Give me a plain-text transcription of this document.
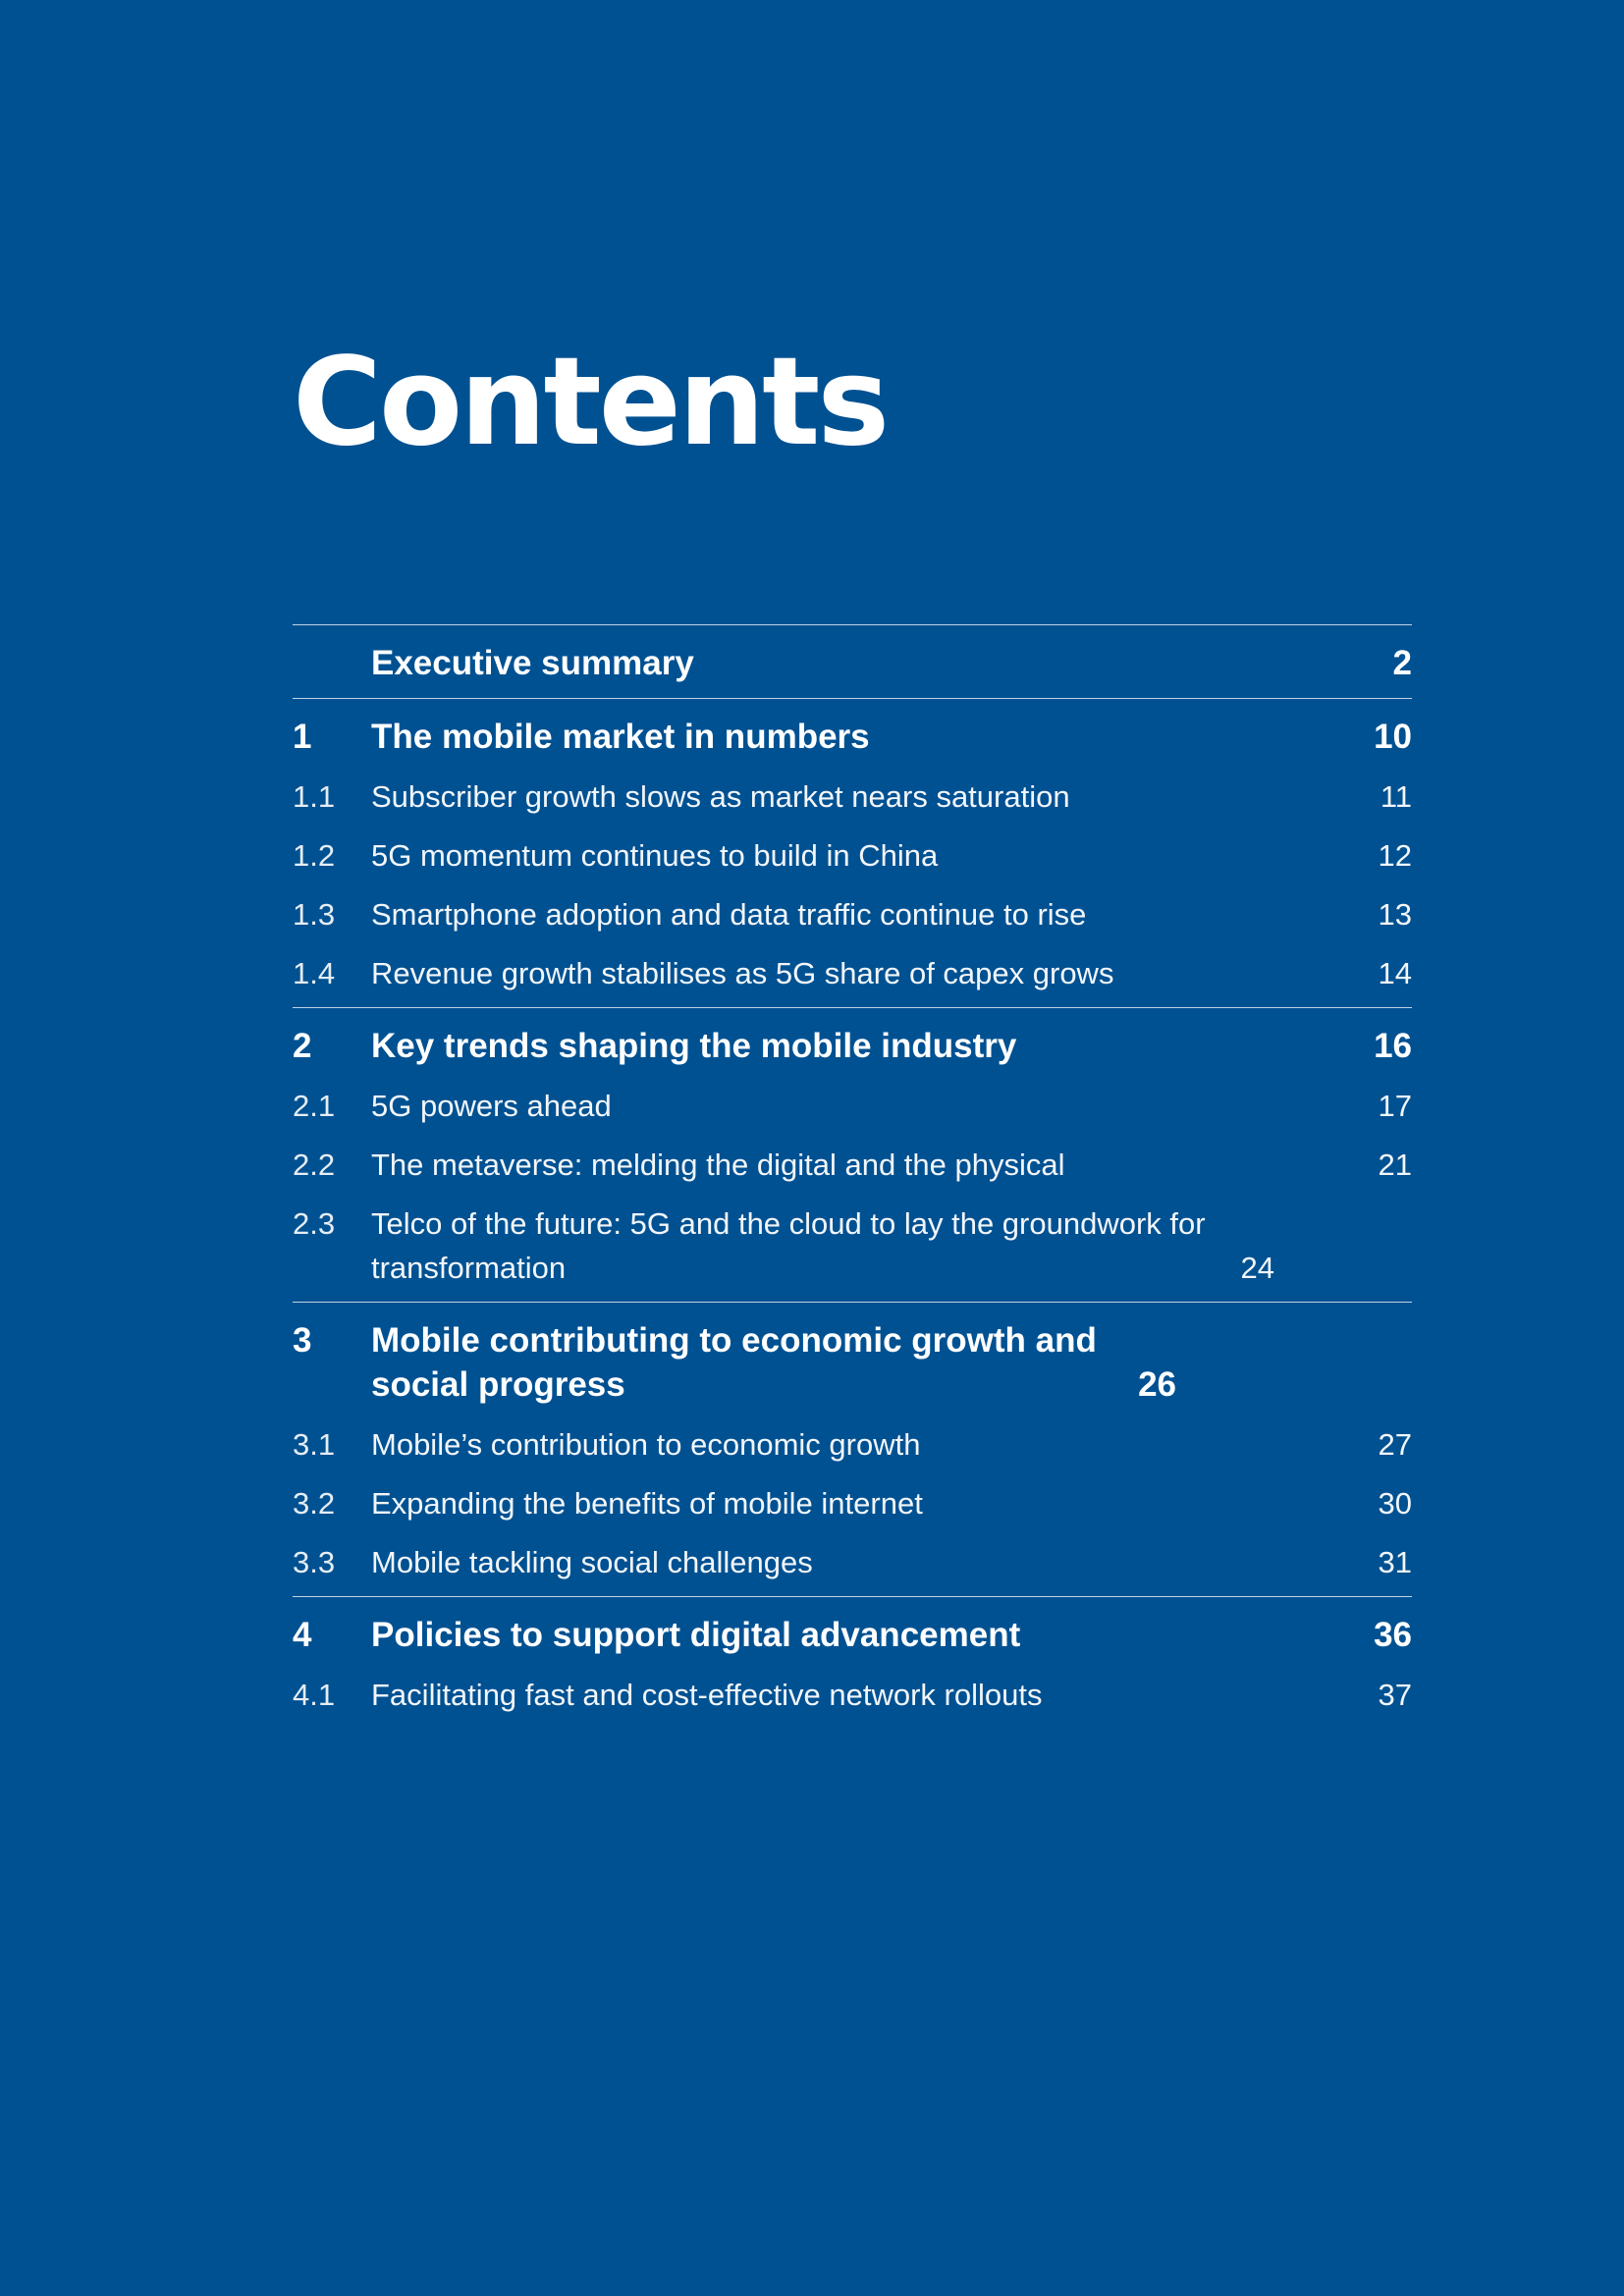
Contents
Executive summary	2
1	The mobile market in numbers	10
1.1	Subscriber growth slows as market nears saturation	11
1.2	5G momentum continues to build in China	12
1.3	Smartphone adoption and data traffic continue to rise	13
1.4	Revenue growth stabilises as 5G share of capex grows	14
2	Key trends shaping the mobile industry	16
2.1	5G powers ahead	17
2.2	The metaverse: melding the digital and the physical	21
2.3	Telco of the future: 5G and the cloud to lay the groundwork for transformation	24
3	Mobile contributing to economic growth and social progress	26
3.1	Mobile’s contribution to economic growth	27
3.2	Expanding the benefits of mobile internet	30
3.3	Mobile tackling social challenges	31
4	Policies to support digital advancement	36
4.1	Facilitating fast and cost-effective network rollouts	37
